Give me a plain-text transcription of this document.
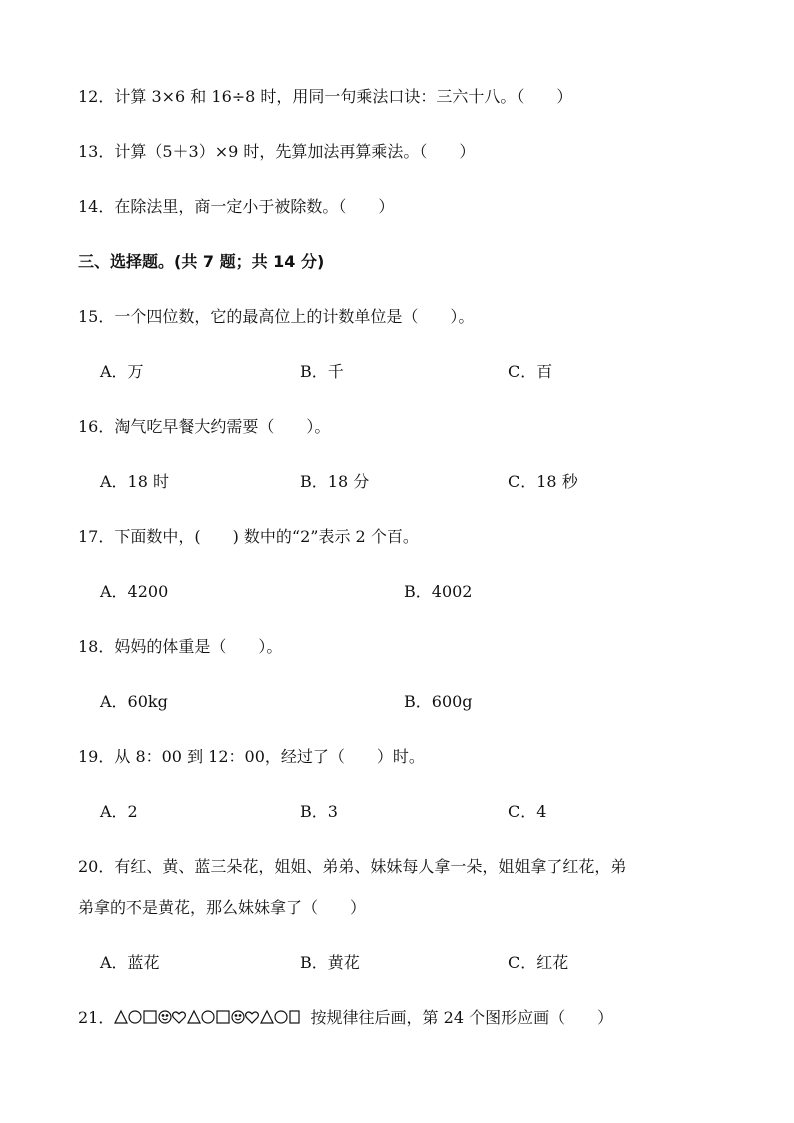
12．计算 3×6 和 16÷8 时，用同一句乘法口诀：三六十八。（　　）
13．计算（5＋3）×9 时，先算加法再算乘法。（　　）
14．在除法里，商一定小于被除数。（　　）
三、选择题。(共 7 题；共 14 分)
15．一个四位数，它的最高位上的计数单位是（　　）。
A．万	B．千	C．百
16．淘气吃早餐大约需要（　　）。
A．18 时	B．18 分	C．18 秒
17．下面数中，(　　) 数中的“2”表示 2 个百。
A．4200	B．4002
18．妈妈的体重是（　　）。
A．60kg	B．600g
19．从 8：00 到 12：00，经过了（　　）时。
A．2	B．3	C．4
20．有红、黄、蓝三朵花，姐姐、弟弟、妹妹每人拿一朵，姐姐拿了红花，弟
弟拿的不是黄花，那么妹妹拿了（　　）
A．蓝花	B．黄花	C．红花
21．	按规律往后画，第 24 个图形应画（　　）
